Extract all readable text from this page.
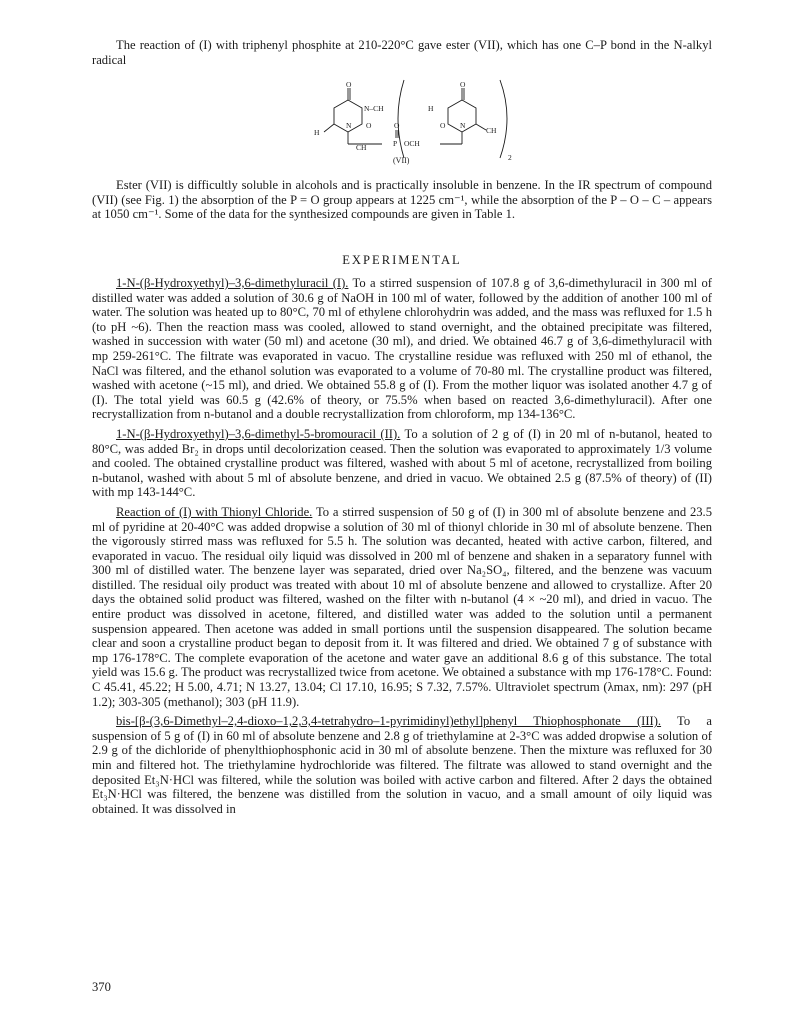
The reaction of (I) with triphenyl phosphite at 210-220°C gave ester (VII), which has one C–P bond in the N-alkyl radical

O
N–CH
H
N O	O
P
CH	OCH
H
O
O N
CH
2
(VII)

Ester (VII) is difficultly soluble in alcohols and is practically insoluble in benzene. In the IR spectrum of compound (VII) (see Fig. 1) the absorption of the P = O group appears at 1225 cm⁻¹, while the absorption of the P – O – C – appears at 1050 cm⁻¹. Some of the data for the synthesized compounds are given in Table 1.

EXPERIMENTAL

1-N-(β-Hydroxyethyl)–3,6-dimethyluracil (I). To a stirred suspension of 107.8 g of 3,6-dimethyluracil in 300 ml of distilled water was added a solution of 30.6 g of NaOH in 100 ml of water, followed by the addition of another 100 ml of water. The solution was heated up to 80°C, 70 ml of ethylene chlorohydrin was added, and the mass was refluxed for 1.5 h (to pH ~6). Then the reaction mass was cooled, allowed to stand overnight, and the obtained precipitate was filtered, washed in succession with water (50 ml) and acetone (30 ml), and dried. We obtained 46.7 g of 3,6-dimethyluracil with mp 259-261°C. The filtrate was evaporated in vacuo. The crystalline residue was refluxed with 250 ml of ethanol, the NaCl was filtered, and the ethanol solution was evaporated to a volume of 70-80 ml. The crystalline product was filtered, washed with acetone (~15 ml), and dried. We obtained 55.8 g of (I). From the mother liquor was isolated another 4.7 g of (I). The total yield was 60.5 g (42.6% of theory, or 75.5% when based on reacted 3,6-dimethyluracil). After one recrystallization from n-butanol and a double recrystallization from chloroform, mp 134-136°C.

1-N-(β-Hydroxyethyl)–3,6-dimethyl-5-bromouracil (II). To a solution of 2 g of (I) in 20 ml of n-butanol, heated to 80°C, was added Br₂ in drops until decolorization ceased. Then the solution was evaporated to approximately 1/3 volume and cooled. The obtained crystalline product was filtered, washed with about 5 ml of acetone, recrystallized from boiling n-butanol, washed with about 5 ml of absolute benzene, and dried in vacuo. We obtained 2.5 g (87.5% of theory) of (II) with mp 143-144°C.

Reaction of (I) with Thionyl Chloride. To a stirred suspension of 50 g of (I) in 300 ml of absolute benzene and 23.5 ml of pyridine at 20-40°C was added dropwise a solution of 30 ml of thionyl chloride in 30 ml of absolute benzene. Then the vigorously stirred mass was refluxed for 5.5 h. The solution was decanted, heated with active carbon, filtered, and evaporated in vacuo. The residual oily liquid was dissolved in 200 ml of benzene and shaken in a separatory funnel with 300 ml of distilled water. The benzene layer was separated, dried over Na₂SO₄, filtered, and the benzene was vacuum distilled. The residual oily product was treated with about 10 ml of absolute benzene and allowed to crystallize. After 20 days the obtained solid product was filtered, washed on the filter with n-butanol (4 × ~20 ml), and dried in vacuo. The entire product was dissolved in acetone, filtered, and distilled water was added to the solution until a permanent suspension appeared. Then acetone was added in small portions until the suspension disappeared. The solution became clear and soon a crystalline product began to deposit from it. It was filtered and dried. We obtained 7 g of substance with mp 176-178°C. The complete evaporation of the acetone and water gave an additional 8.6 g of this substance. The total yield was 15.6 g. The product was recrystallized twice from acetone. We obtained a substance with mp 176-178°C. Found: C 45.41, 45.22; H 5.00, 4.71; N 13.27, 13.04; Cl 17.10, 16.95; S 7.32, 7.57%. Ultraviolet spectrum (λmax, nm): 297 (pH 1.2); 303-305 (methanol); 303 (pH 11.9).

bis-[β-(3,6-Dimethyl–2,4-dioxo–1,2,3,4-tetrahydro–1-pyrimidinyl)ethyl]phenyl Thiophosphonate (III). To a suspension of 5 g of (I) in 60 ml of absolute benzene and 2.8 g of triethylamine at 2-3°C was added dropwise a solution of 2.9 g of the dichloride of phenylthiophosphonic acid in 30 ml of absolute benzene. Then the mixture was refluxed for 30 min and filtered hot. The triethylamine hydrochloride was filtered. The filtrate was allowed to stand overnight and the deposited Et₃N·HCl was filtered, while the solution was boiled with active carbon and filtered. After 2 days the obtained Et₃N·HCl was filtered, the benzene was distilled from the solution in vacuo, and a small amount of oily liquid was obtained. It was dissolved in

370
